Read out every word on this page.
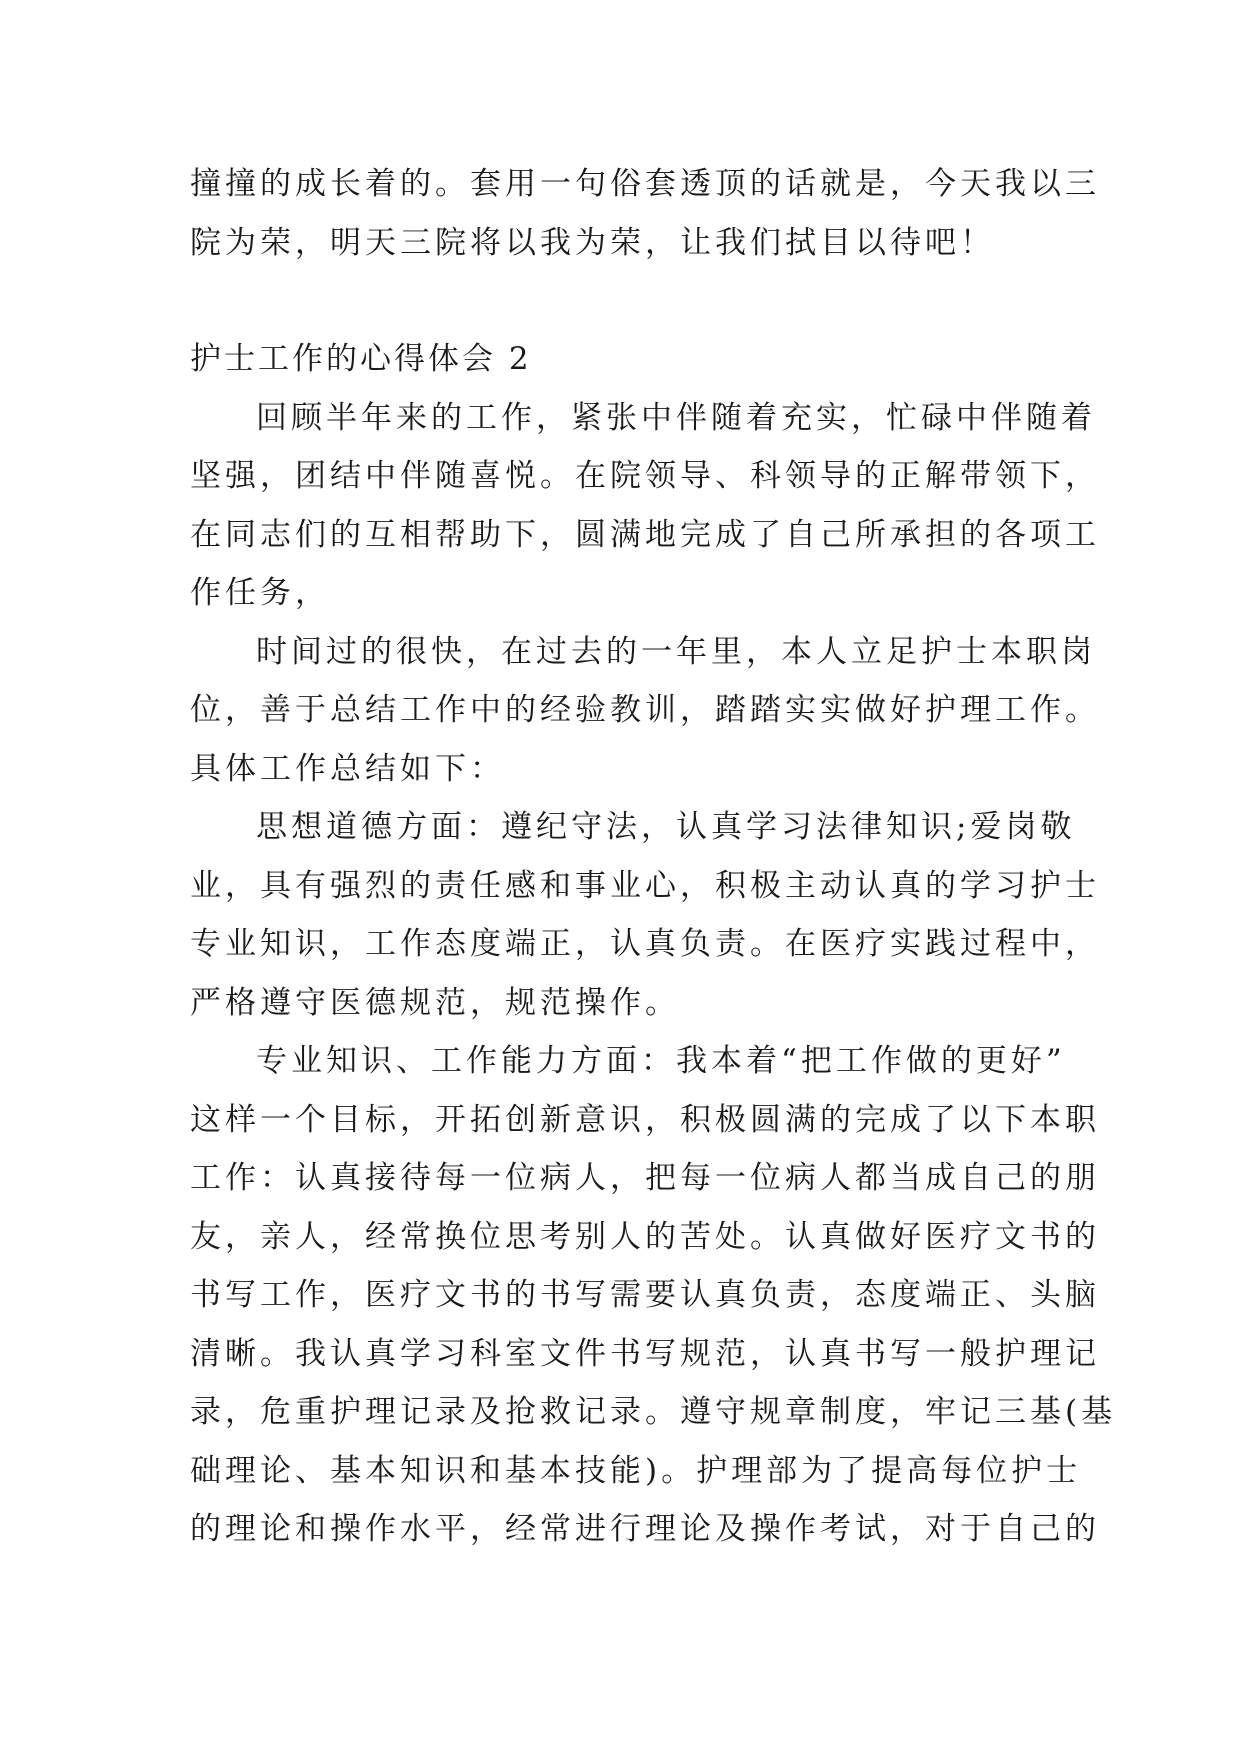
撞撞的成长着的。套用一句俗套透顶的话就是，今天我以三
院为荣，明天三院将以我为荣，让我们拭目以待吧！
护士工作的心得体会 2
回顾半年来的工作，紧张中伴随着充实，忙碌中伴随着
坚强，团结中伴随喜悦。在院领导、科领导的正解带领下，
在同志们的互相帮助下，圆满地完成了自己所承担的各项工
作任务，
时间过的很快，在过去的一年里，本人立足护士本职岗
位，善于总结工作中的经验教训，踏踏实实做好护理工作。
具体工作总结如下：
思想道德方面：遵纪守法，认真学习法律知识;爱岗敬
业，具有强烈的责任感和事业心，积极主动认真的学习护士
专业知识，工作态度端正，认真负责。在医疗实践过程中，
严格遵守医德规范，规范操作。
专业知识、工作能力方面：我本着“把工作做的更好”
这样一个目标，开拓创新意识，积极圆满的完成了以下本职
工作：认真接待每一位病人，把每一位病人都当成自己的朋
友，亲人，经常换位思考别人的苦处。认真做好医疗文书的
书写工作，医疗文书的书写需要认真负责，态度端正、头脑
清晰。我认真学习科室文件书写规范，认真书写一般护理记
录，危重护理记录及抢救记录。遵守规章制度，牢记三基(基
础理论、基本知识和基本技能)。护理部为了提高每位护士
的理论和操作水平，经常进行理论及操作考试，对于自己的
